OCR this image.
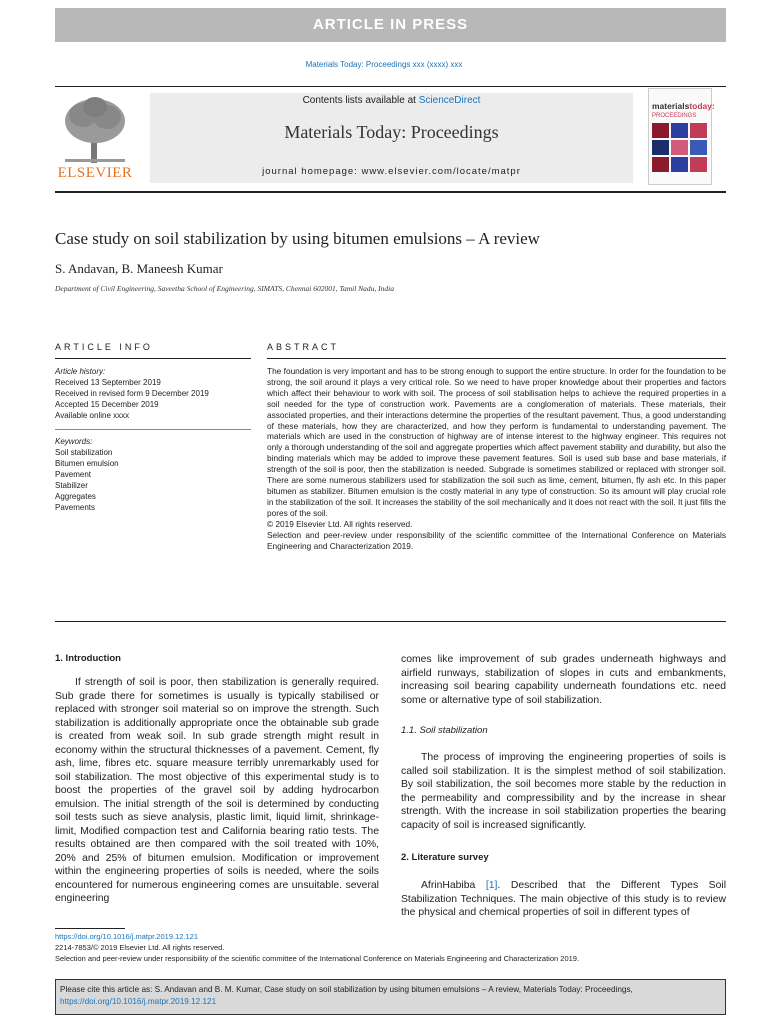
ARTICLE IN PRESS
Materials Today: Proceedings xxx (xxxx) xxx
ELSEVIER
Contents lists available at ScienceDirect
Materials Today: Proceedings
journal homepage: www.elsevier.com/locate/matpr
materialstoday:
PROCEEDINGS
Case study on soil stabilization by using bitumen emulsions – A review
S. Andavan, B. Maneesh Kumar
Department of Civil Engineering, Saveetha School of Engineering, SIMATS, Chennai 602001, Tamil Nadu, India
ARTICLE INFO
Article history:
Received 13 September 2019
Received in revised form 9 December 2019
Accepted 15 December 2019
Available online xxxx
Keywords:
Soil stabilization
Bitumen emulsion
Pavement
Stabilizer
Aggregates
Pavements
ABSTRACT

The foundation is very important and has to be strong enough to support the entire structure. In order for the foundation to be strong, the soil around it plays a very critical role. So we need to have proper knowledge about their properties and factors which affect their behaviour to work with soil. The process of soil stabilisation helps to achieve the required properties in a soil needed for the type of construction work. Pavements are a conglomeration of materials. These materials, their associated properties, and their interactions determine the properties of the resultant pavement. Thus, a good understanding of these materials, how they are characterized, and how they perform is fundamental to understanding pavement. The materials which are used in the construction of highway are of intense interest to the highway engineer. This requires not only a thorough understanding of the soil and aggregate properties which affect pavement stability and durability, but also the binding materials which may be added to improve these pavement features. Soil is used sub base and base materials, if strength of the soil is poor, then the stabilization is needed. Subgrade is sometimes stabilized or replaced with stronger soil. There are some numerous stabilizers used for stabilization the soil such as lime, cement, bitumen, fly ash etc. In this paper bitumen as stabilizer. Bitumen emulsion is the costly material in any type of construction. So its amount will play crucial role in the stabilization of the soil. It increases the stability of the soil mechanically and it does not react with the soil. It just fills the pores of the soil.

© 2019 Elsevier Ltd. All rights reserved.

Selection and peer-review under responsibility of the scientific committee of the International Conference on Materials Engineering and Characterization 2019.

1. Introduction

If strength of soil is poor, then stabilization is generally required. Sub grade there for sometimes is usually is typically stabilised or replaced with stronger soil material so on improve the strength. Such stabilization is additionally appropriate once the obtainable sub grade is created from weak soil. In sub grade strength might result in economy within the structural thicknesses of a pavement. Cement, fly ash, lime, fibres etc. square measure terribly unremarkably used for soil stabilization. The most objective of this experimental study is to boost the properties of the gravel soil by adding hydrocarbon emulsion. The initial strength of the soil is determined by conducting soil tests such as sieve analysis, plastic limit, liquid limit, shrinkage-limit, Modified compaction test and California bearing ratio tests. The results obtained are then compared with the soil treated with 10%, 20% and 25% of bitumen emulsion. Modification or improvement within the engineering properties of soils is needed, where the soils encountered for numerous engineering comes are unsuitable. several engineering

comes like improvement of sub grades underneath highways and airfield runways, stabilization of slopes in cuts and embankments, increasing soil bearing capability underneath foundations etc. need some or alternative type of soil stabilization.

1.1. Soil stabilization

The process of improving the engineering properties of soils is called soil stabilization. It is the simplest method of soil stabilization. By soil stabilization, the soil becomes more stable by the reduction in the permeability and compressibility and by the increase in shear strength. With the increase in soil stabilization properties the bearing capacity of soil is increased significantly.

2. Literature survey

AfrinHabiba [1]. Described that the Different Types Soil Stabilization Techniques. The main objective of this study is to review the physical and chemical properties of soil in different types of

https://doi.org/10.1016/j.matpr.2019.12.121
2214-7853/© 2019 Elsevier Ltd. All rights reserved.
Selection and peer-review under responsibility of the scientific committee of the International Conference on Materials Engineering and Characterization 2019.
Please cite this article as: S. Andavan and B. M. Kumar, Case study on soil stabilization by using bitumen emulsions – A review, Materials Today: Proceedings, https://doi.org/10.1016/j.matpr.2019.12.121
